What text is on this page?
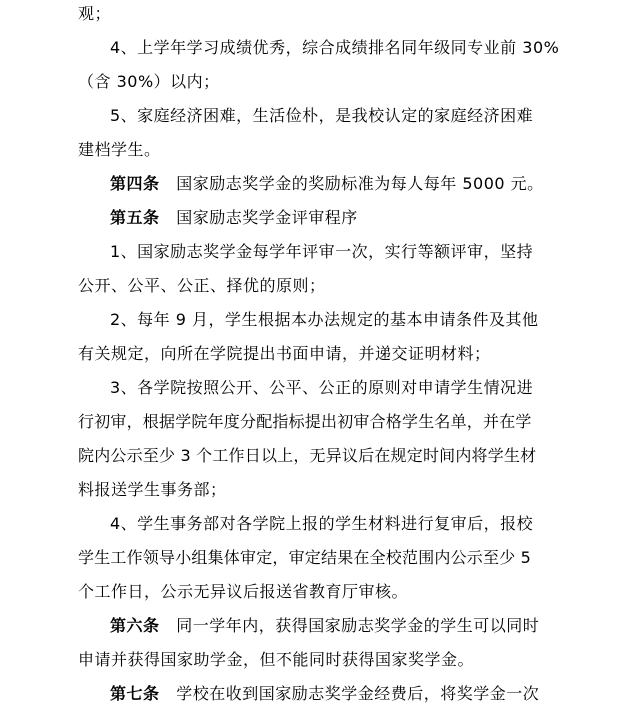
观；
4、上学年学习成绩优秀，综合成绩排名同年级同专业前 30%
（含 30%）以内；
5、家庭经济困难，生活俭朴，是我校认定的家庭经济困难
建档学生。
第四条 国家励志奖学金的奖励标准为每人每年 5000 元。
第五条 国家励志奖学金评审程序
1、国家励志奖学金每学年评审一次，实行等额评审，坚持
公开、公平、公正、择优的原则；
2、每年 9 月，学生根据本办法规定的基本申请条件及其他
有关规定，向所在学院提出书面申请，并递交证明材料；
3、各学院按照公开、公平、公正的原则对申请学生情况进
行初审，根据学院年度分配指标提出初审合格学生名单，并在学
院内公示至少 3 个工作日以上，无异议后在规定时间内将学生材
料报送学生事务部；
4、学生事务部对各学院上报的学生材料进行复审后，报校
学生工作领导小组集体审定，审定结果在全校范围内公示至少 5
个工作日，公示无异议后报送省教育厅审核。
第六条 同一学年内，获得国家励志奖学金的学生可以同时
申请并获得国家助学金，但不能同时获得国家奖学金。
第七条 学校在收到国家励志奖学金经费后，将奖学金一次
